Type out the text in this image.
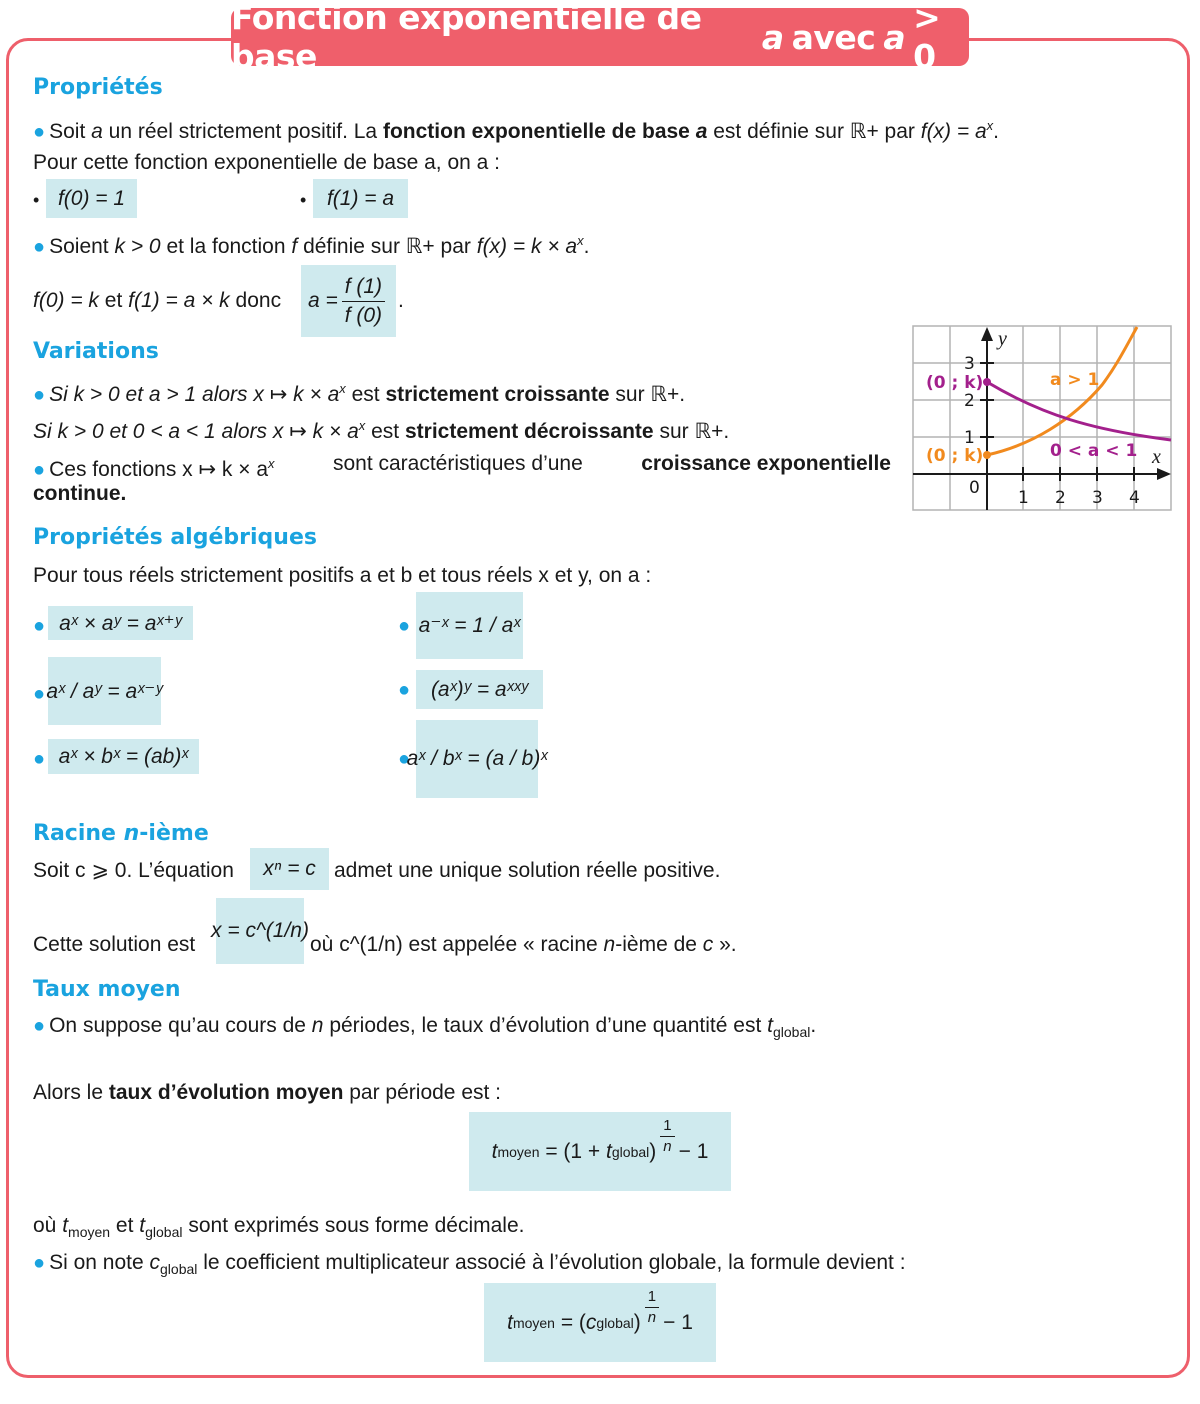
Fonction exponentielle de base	a avec a > 0
Propriétés
● Soit a un réel strictement positif. La fonction exponentielle de base a est définie sur ℝ+ par $f(x) = a^x$.
Pour cette fonction exponentielle de base a, on a :
• f(0) = 1	• f(1) = a
● Soient k > 0 et la fonction f définie sur ℝ+ par $f(x) = k \times a^x$.
f(0) = k et f(1) = a × k donc $a = \frac{f (1)}{f (0)}$ .
Variations
● Si k > 0 et a > 1 alors x ↦ $k \times a^x$ est strictement croissante sur ℝ+.
Si k > 0 et 0 < a < 1 alors x ↦ $k \times a^x$ est strictement décroissante sur ℝ+.
● Ces fonctions x ↦ $k \times a^x$	sont caractéristiques d’une	croissance exponentielle
continue.
y
x
0
3
2
1
1 2 3 4
(0 ; k)
(0 ; k)
a > 1
0 < a < 1
Propriétés algébriques
Pour tous réels strictement positifs a et b et tous réels x et y, on a :
● aˣ × aʸ = aˣ⁺ʸ
● aˣ / aʸ = aˣ⁻ʸ
● aˣ × bˣ = (ab)ˣ
● a⁻ˣ = 1 / aˣ
● (aˣ)ʸ = aˣˣʸ
●
aˣ / bˣ = (a / b)ˣ
Racine n-ième
Soit c ⩾ 0. L’équation xⁿ = c admet une unique solution réelle positive.
Cette solution est
x = c^(1/n)
où c^(1/n) est appelée « racine n-ième de c ».
Taux moyen
● On suppose qu’au cours de n périodes, le taux d’évolution d’une quantité est $t_{global}$.
Alors le taux d’évolution moyen par période est :
t moyen
= (1 +
t global ) $\frac{1}{n} - 1$
où $t_{moyen}$ et $t_{global}$ sont exprimés sous forme décimale.
● Si on note $c_{global}$ le coefficient multiplicateur associé à l’évolution globale, la formule devient :
t moyen
= ( c global ) $\frac{1}{n} - 1$
